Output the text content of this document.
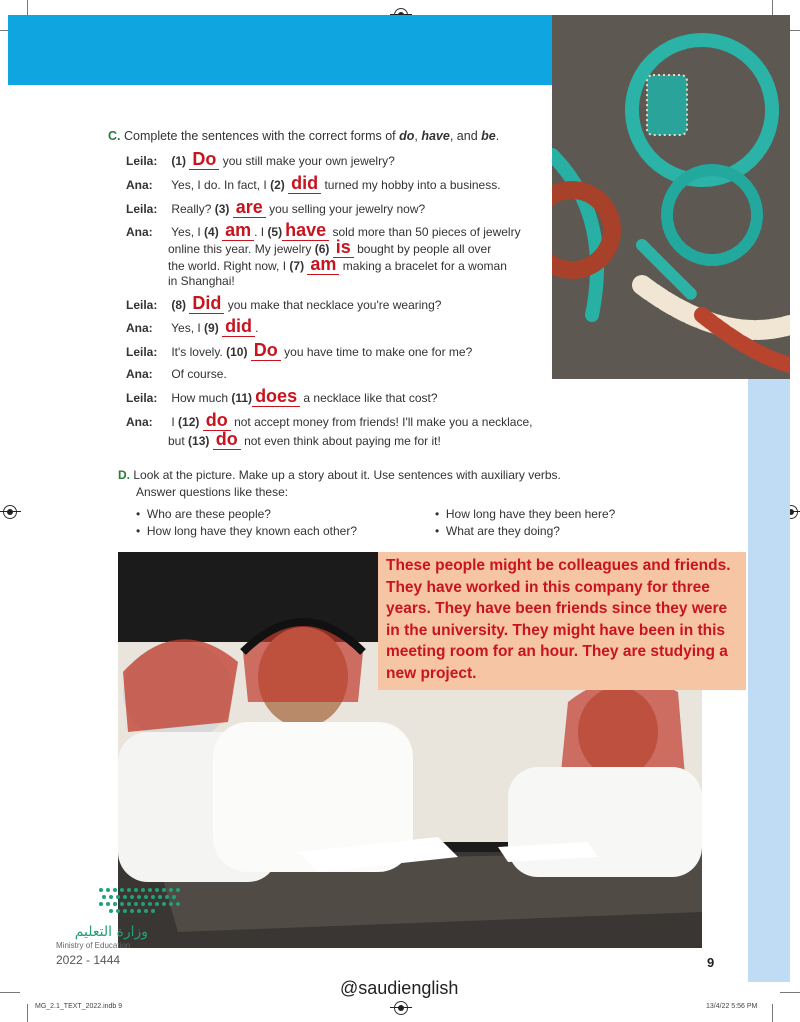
C. Complete the sentences with the correct forms of do, have, and be.
Leila: (1) Do you still make your own jewelry?
Ana: Yes, I do. In fact, I (2) did turned my hobby into a business.
Leila: Really? (3) are you selling your jewelry now?
Ana: Yes, I (4) am . I (5) have sold more than 50 pieces of jewelry
online this year. My jewelry (6) is bought by people all over
the world. Right now, I (7) am making a bracelet for a woman
in Shanghai!
Leila: (8) Did you make that necklace you're wearing?
Ana: Yes, I (9) did .
Leila: It's lovely. (10) Do you have time to make one for me?
Ana: Of course.
Leila: How much (11) does a necklace like that cost?
Ana: I (12) do not accept money from friends! I'll make you a necklace,
but (13) do not even think about paying me for it!
D. Look at the picture. Make up a story about it. Use sentences with auxiliary verbs.
Answer questions like these:
•  Who are these people?
•  How long have they known each other?
•  How long have they been here?
•  What are they doing?
These people might be colleagues and friends. They have worked in this company for three years. They have been friends since they were in the university. They might have been in this meeting room for an hour. They are studying a new project.
وزارة التعليم
Ministry of Education
2022 - 1444	9
@saudienglish
MG_2.1_TEXT_2022.indb 9	13/4/22 5:56 PM
